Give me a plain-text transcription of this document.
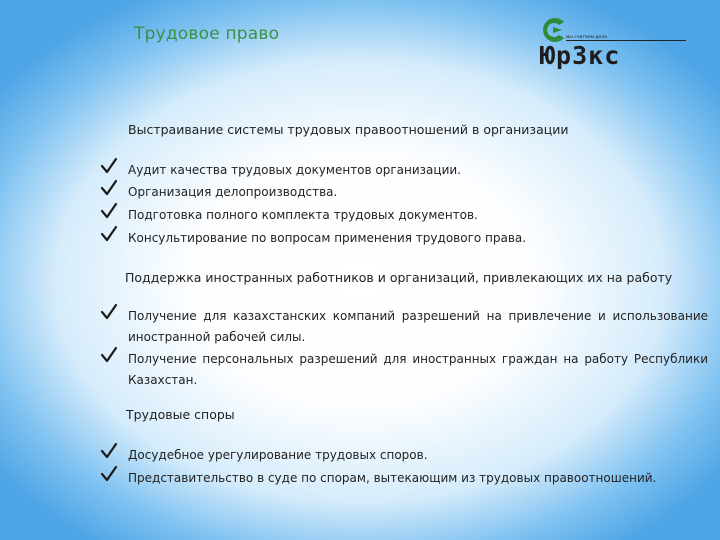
Трудовое право	мы считаем дела
Юр3кс
Выстраивание системы трудовых правоотношений в организации
Аудит качества трудовых документов организации.
Организация делопроизводства.
Подготовка полного комплекта трудовых документов.
Консультирование по вопросам применения трудового права.
Поддержка иностранных работников и организаций, привлекающих их на работу
Получение для казахстанских компаний разрешений на привлечение и использование иностранной рабочей силы.
Получение персональных разрешений для иностранных граждан на работу Республики Казахстан.
Трудовые споры
Досудебное урегулирование трудовых споров.
Представительство в суде по спорам, вытекающим из трудовых правоотношений.
